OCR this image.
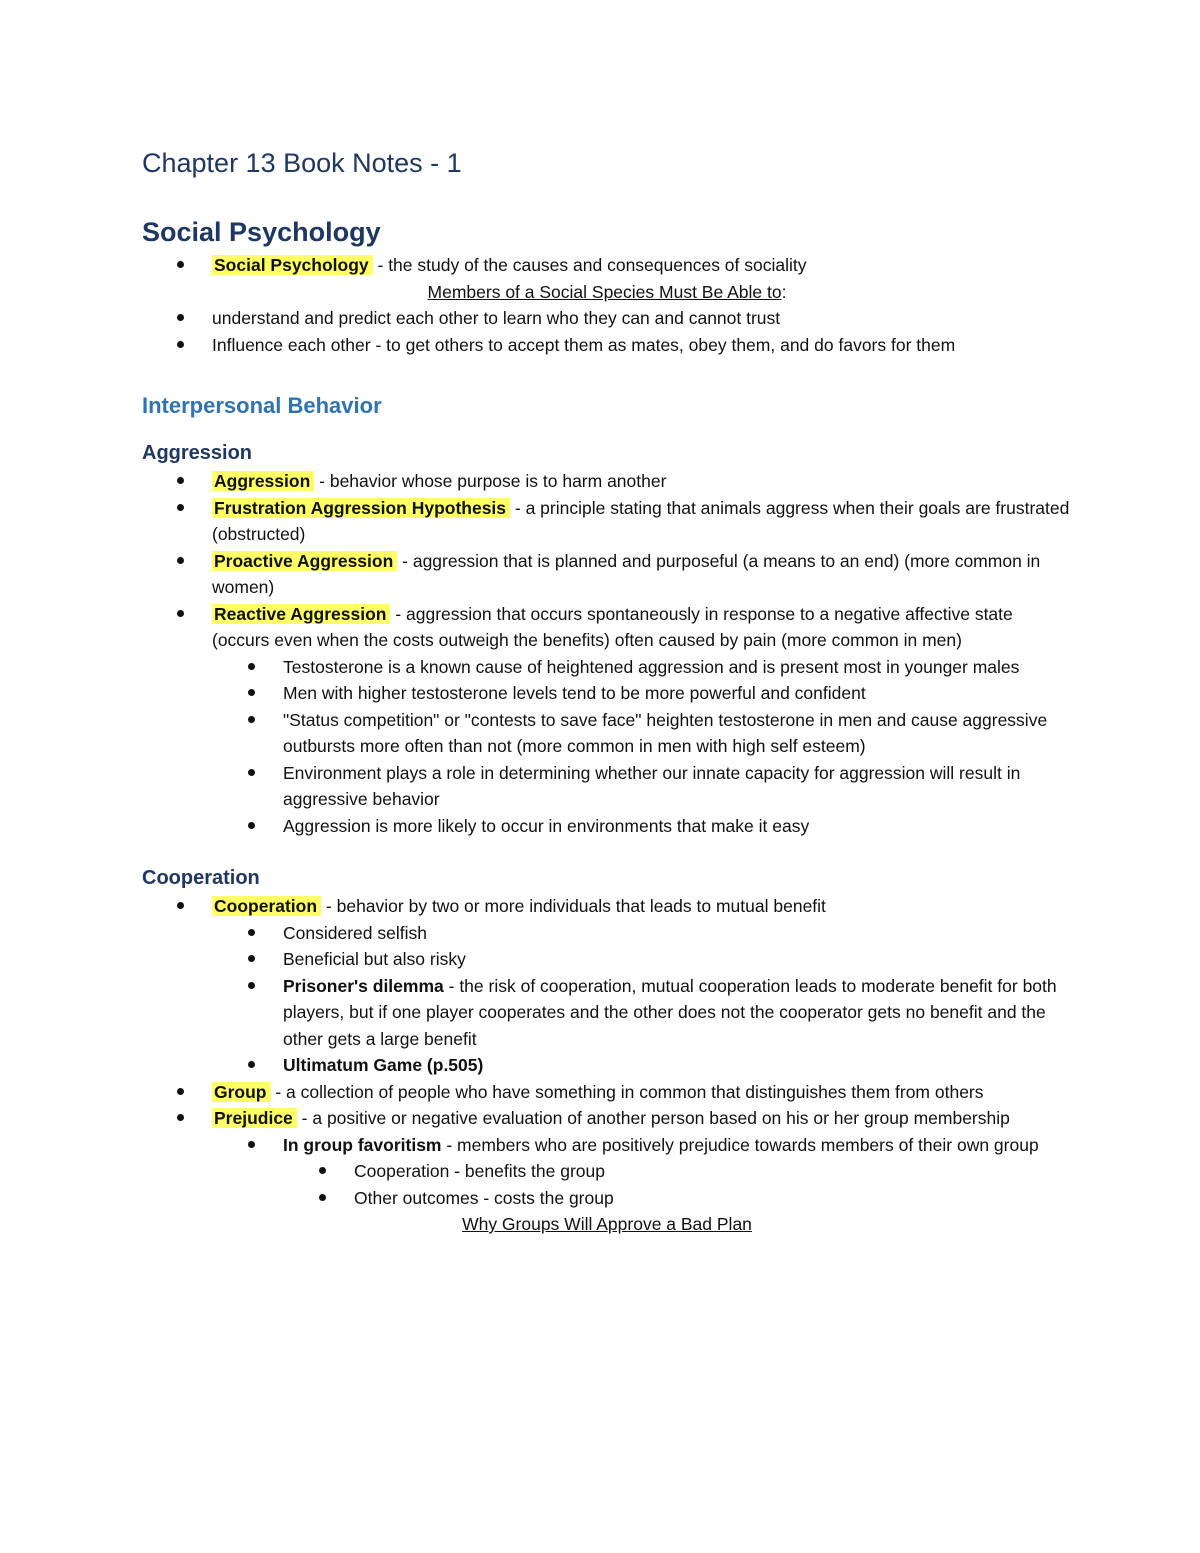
Chapter 13 Book Notes - 1
Social Psychology
Social Psychology - the study of the causes and consequences of sociality
Members of a Social Species Must Be Able to:
understand and predict each other to learn who they can and cannot trust
Influence each other - to get others to accept them as mates, obey them, and do favors for them
Interpersonal Behavior
Aggression
Aggression - behavior whose purpose is to harm another
Frustration Aggression Hypothesis - a principle stating that animals aggress when their goals are frustrated (obstructed)
Proactive Aggression - aggression that is planned and purposeful (a means to an end) (more common in women)
Reactive Aggression - aggression that occurs spontaneously in response to a negative affective state (occurs even when the costs outweigh the benefits) often caused by pain (more common in men)
Testosterone is a known cause of heightened aggression and is present most in younger males
Men with higher testosterone levels tend to be more powerful and confident
"Status competition" or "contests to save face" heighten testosterone in men and cause aggressive outbursts more often than not (more common in men with high self esteem)
Environment plays a role in determining whether our innate capacity for aggression will result in aggressive behavior
Aggression is more likely to occur in environments that make it easy
Cooperation
Cooperation - behavior by two or more individuals that leads to mutual benefit
Considered selfish
Beneficial but also risky
Prisoner's dilemma - the risk of cooperation, mutual cooperation leads to moderate benefit for both players, but if one player cooperates and the other does not the cooperator gets no benefit and the other gets a large benefit
Ultimatum Game (p.505)
Group - a collection of people who have something in common that distinguishes them from others
Prejudice - a positive or negative evaluation of another person based on his or her group membership
In group favoritism - members who are positively prejudice towards members of their own group
Cooperation - benefits the group
Other outcomes - costs the group
Why Groups Will Approve a Bad Plan
